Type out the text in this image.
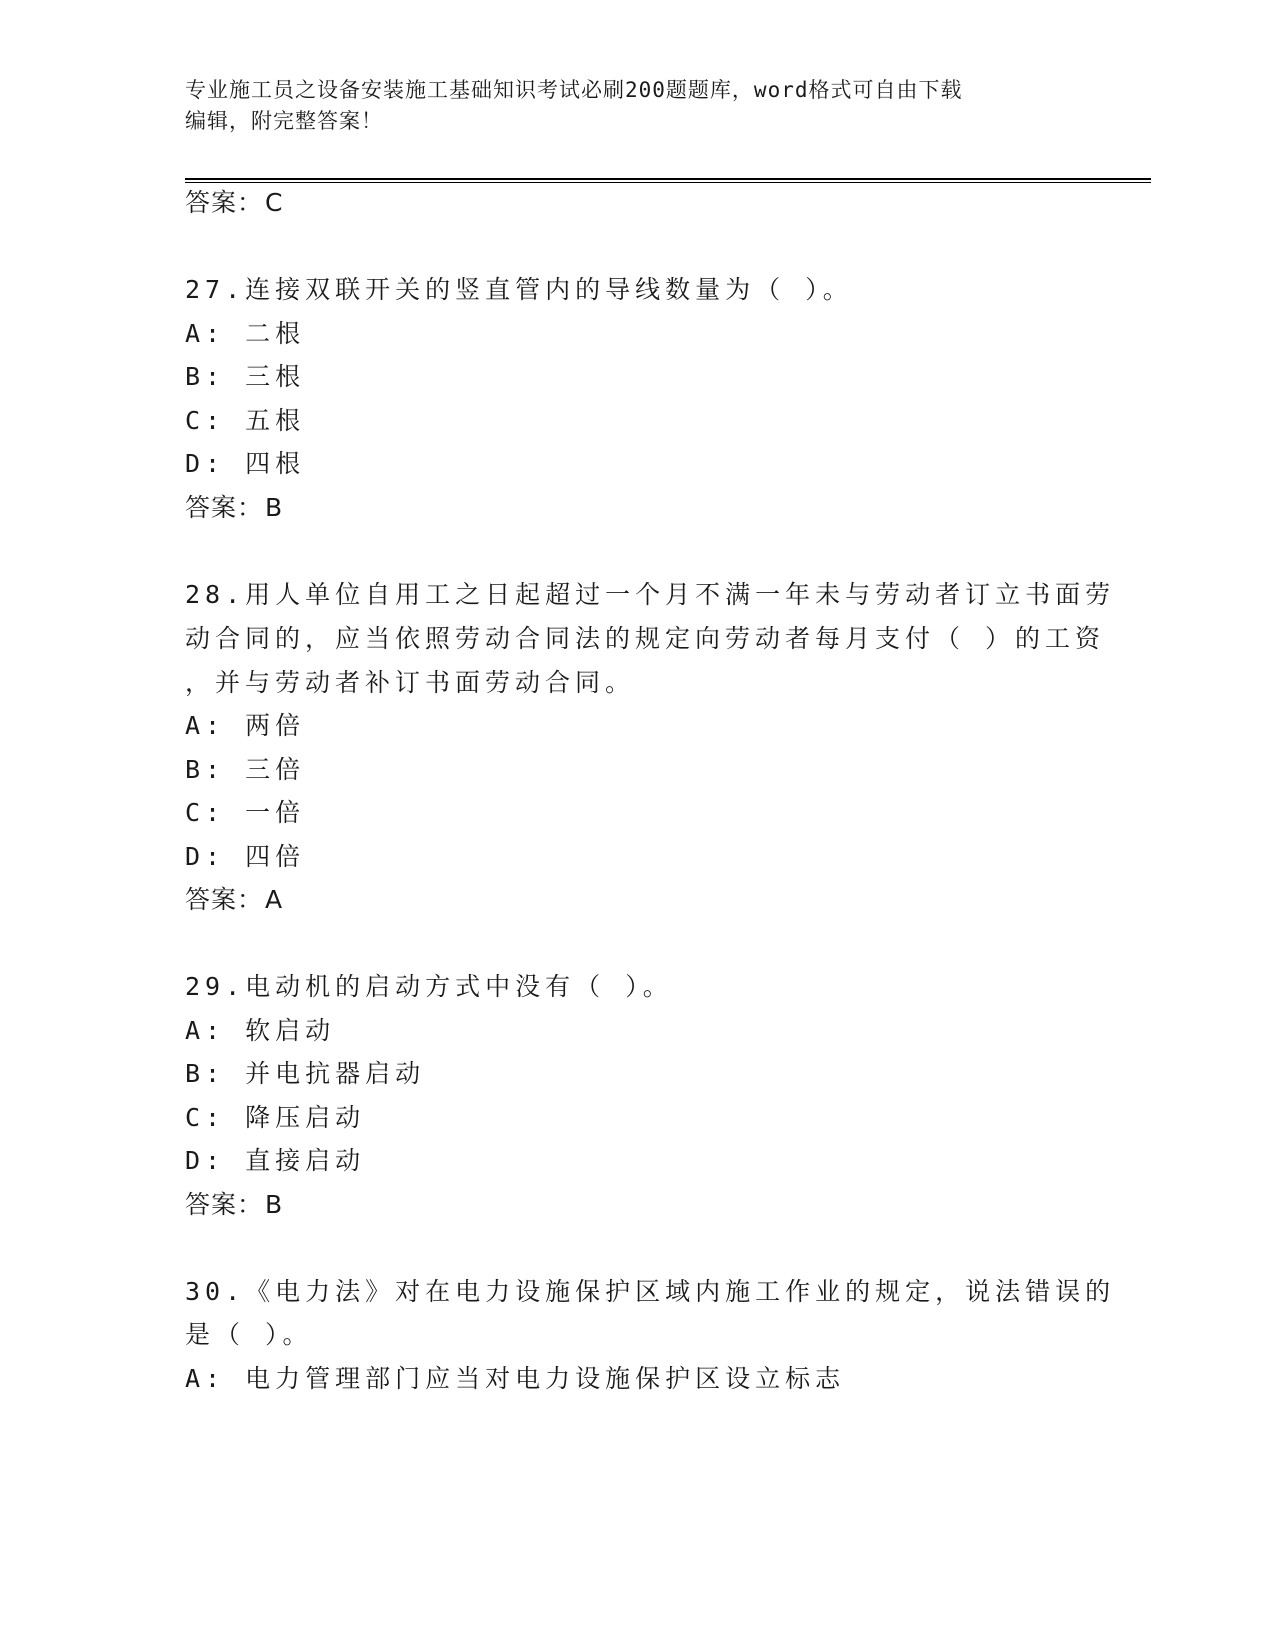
专业施工员之设备安装施工基础知识考试必刷200题题库，word格式可自由下载
编辑，附完整答案！
答案：C
27.连接双联开关的竖直管内的导线数量为（ ）。
A: 二根
B: 三根
C: 五根
D: 四根
答案：B
28.用人单位自用工之日起超过一个月不满一年未与劳动者订立书面劳
动合同的，应当依照劳动合同法的规定向劳动者每月支付（ ）的工资
，并与劳动者补订书面劳动合同。
A: 两倍
B: 三倍
C: 一倍
D: 四倍
答案：A
29.电动机的启动方式中没有（ ）。
A: 软启动
B: 并电抗器启动
C: 降压启动
D: 直接启动
答案：B
30.《电力法》对在电力设施保护区域内施工作业的规定，说法错误的
是（ ）。
A: 电力管理部门应当对电力设施保护区设立标志
